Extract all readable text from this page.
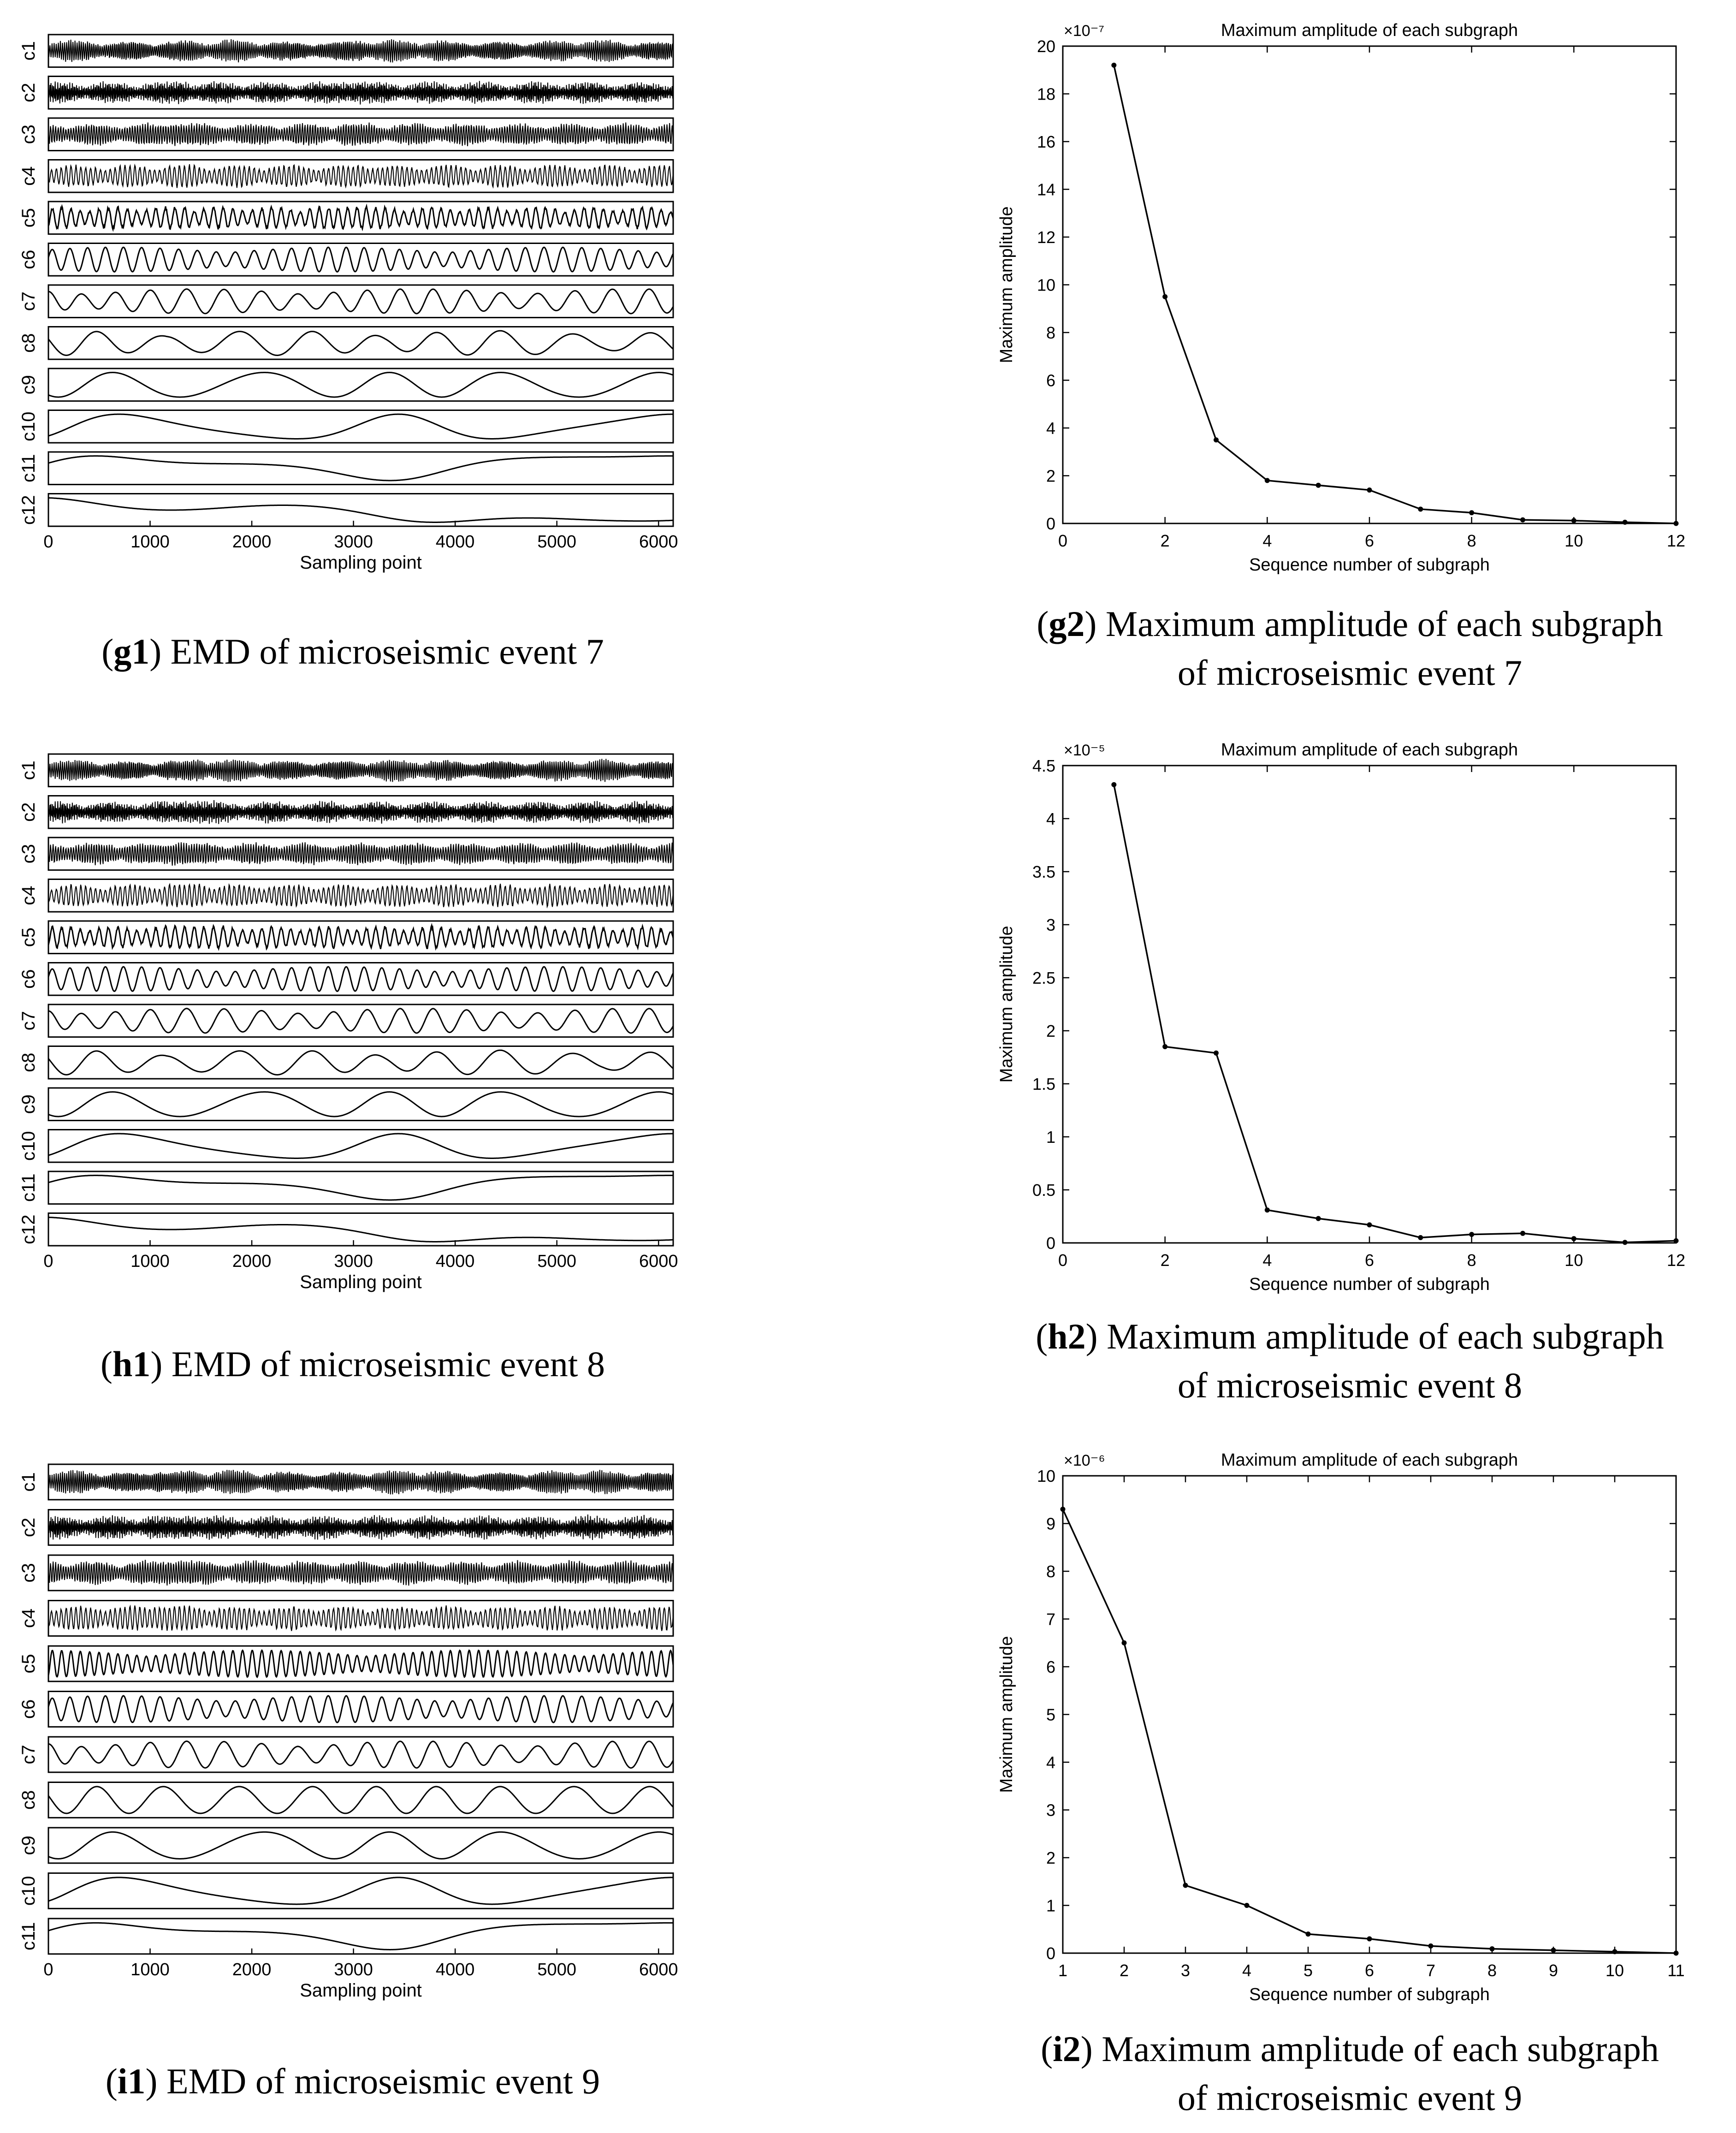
c1
c2
c3
c4
c5
c6
c7
c8
c9
c10
c11
c12
0	1000	2000	3000	4000	5000	6000
Sampling point
Maximum amplitude of each subgraph
×10⁻⁷
0	2	4	6	8	10	12
0
2
4
6
8
10
12
14
16
18
20
Sequence number of subgraph
Maximum amplitude
(g1) EMD of microseismic event 7
(g2) Maximum amplitude of each subgraph
of microseismic event 7
c1
c2
c3
c4
c5
c6
c7
c8
c9
c10
c11
c12
0	1000	2000	3000	4000	5000	6000
Sampling point
Maximum amplitude of each subgraph
×10⁻⁵
0	2	4	6	8	10	12
0
0.5
1
1.5
2
2.5
3
3.5
4
4.5
Sequence number of subgraph
Maximum amplitude
(h1) EMD of microseismic event 8
(h2) Maximum amplitude of each subgraph
of microseismic event 8
c1
c2
c3
c4
c5
c6
c7
c8
c9
c10
c11
0	1000	2000	3000	4000	5000	6000
Sampling point
Maximum amplitude of each subgraph
×10⁻⁶
1	2	3	4	5	6	7	8	9	10	11
0
1
2
3
4
5
6
7
8
9
10
Sequence number of subgraph
Maximum amplitude
(i1) EMD of microseismic event 9
(i2) Maximum amplitude of each subgraph
of microseismic event 9
